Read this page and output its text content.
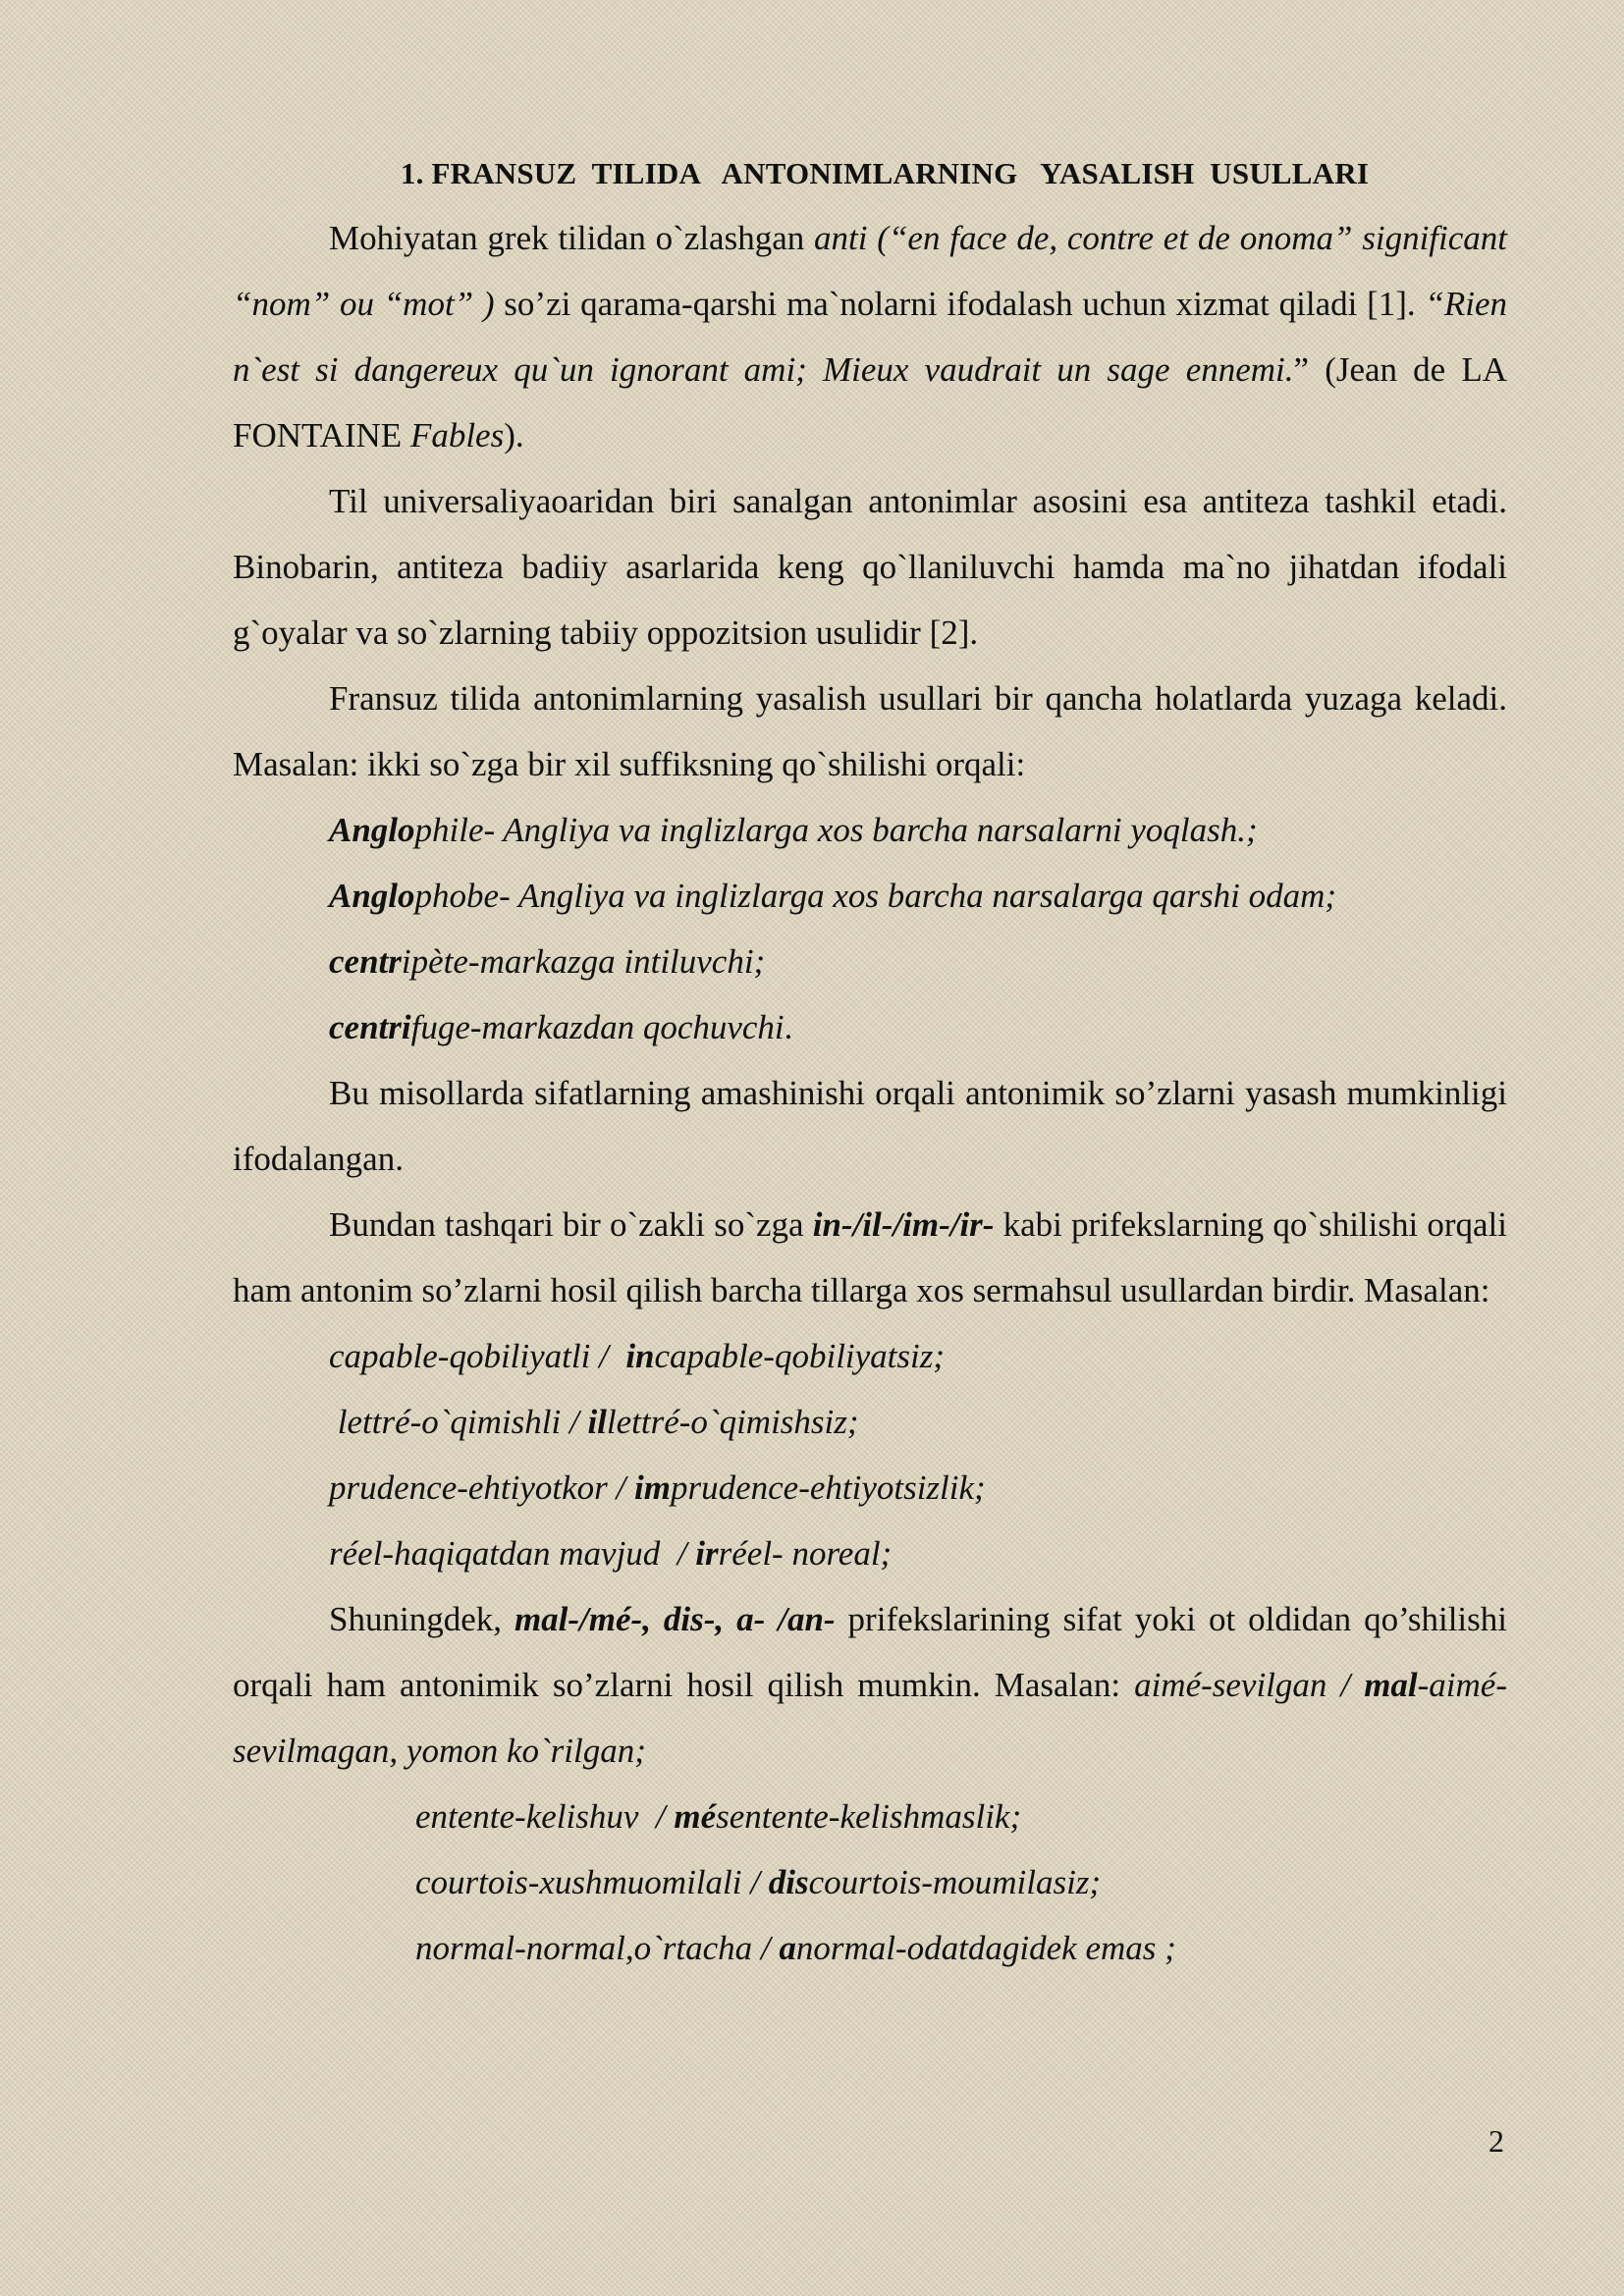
1. FRANSUZ  TILIDA   ANTONIMLARNING   YASALISH  USULLARI

Mohiyatan grek tilidan o`zlashgan anti (“en face de, contre et de onoma” significant “nom” ou “mot” ) so’zi qarama-qarshi ma`nolarni ifodalash uchun xizmat qiladi [1]. “Rien n`est si dangereux qu`un ignorant ami; Mieux vaudrait un sage ennemi.” (Jean de LA FONTAINE Fables).

Til universaliyaoaridan biri sanalgan antonimlar asosini esa antiteza tashkil etadi. Binobarin, antiteza badiiy asarlarida keng qo`llaniluvchi hamda ma`no jihatdan ifodali g`oyalar va so`zlarning tabiiy oppozitsion usulidir [2].

Fransuz tilida antonimlarning yasalish usullari bir qancha holatlarda yuzaga keladi. Masalan: ikki so`zga bir xil suffiksning qo`shilishi orqali:

Anglophile- Angliya va inglizlarga xos barcha narsalarni yoqlash.;
Anglophobe- Angliya va inglizlarga xos barcha narsalarga qarshi odam;
centripète-markazga intiluvchi;
centrifuge-markazdan qochuvchi.

Bu misollarda sifatlarning amashinishi orqali antonimik so’zlarni yasash mumkinligi ifodalangan.

Bundan tashqari bir o`zakli so`zga in-/il-/im-/ir- kabi prifekslarning qo`shilishi orqali ham antonim so’zlarni hosil qilish barcha tillarga xos sermahsul usullardan birdir. Masalan:

capable-qobiliyatli /  incapable-qobiliyatsiz;
lettré-o`qimishli / illettré-o`qimishsiz;
prudence-ehtiyotkor / imprudence-ehtiyotsizlik;
réel-haqiqatdan mavjud  / irréel- noreal;

Shuningdek, mal-/mé-, dis-, a- /an- prifekslarining sifat yoki ot oldidan qo’shilishi orqali ham antonimik so’zlarni hosil qilish mumkin. Masalan: aimé-sevilgan / mal-aimé-sevilmagan, yomon ko`rilgan;

entente-kelishuv  / mésentente-kelishmaslik;
courtois-xushmuomilali / discourtois-moumilasiz;
normal-normal,o`rtacha / anormal-odatdagidek emas ;
2
